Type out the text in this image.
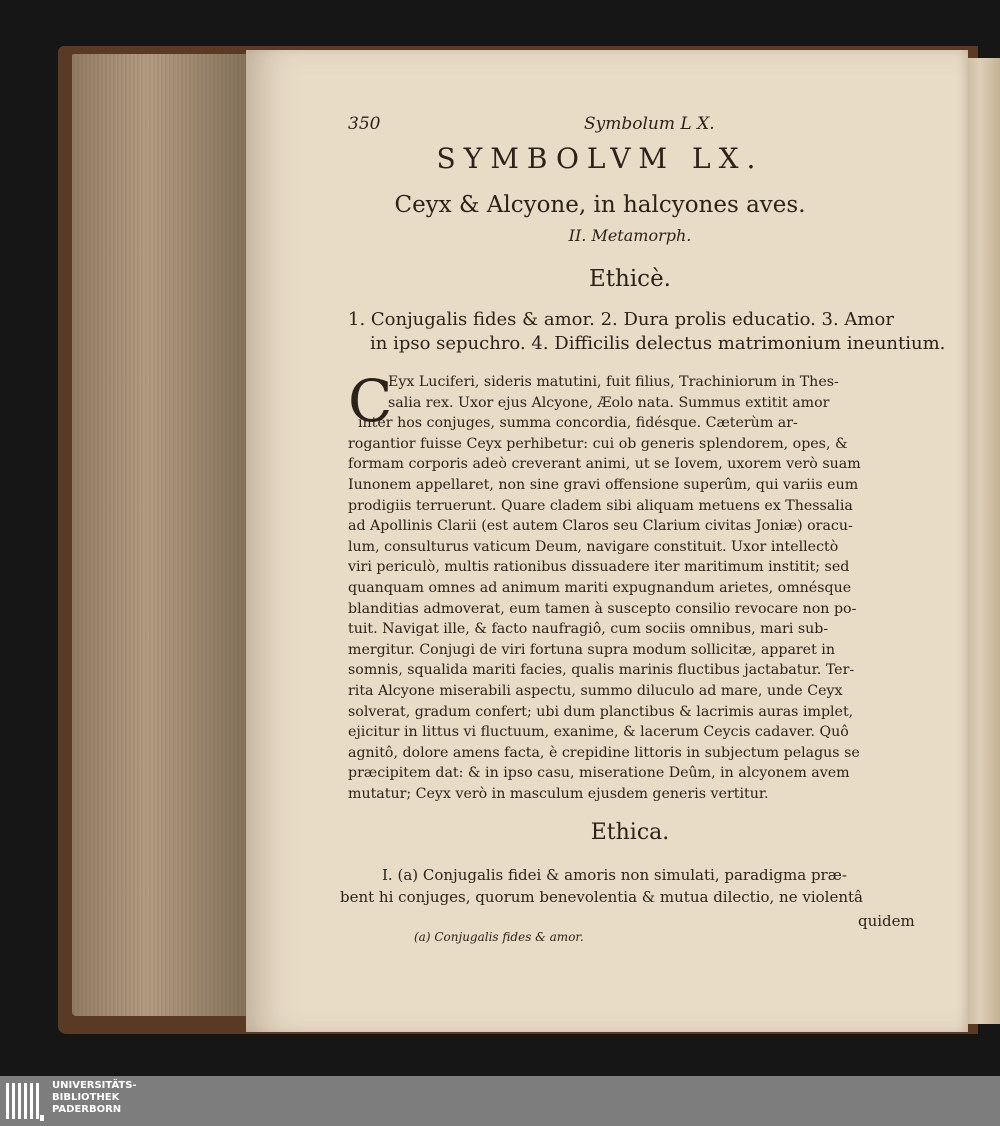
350	Symbolum L X.
SYMBOLVM LX.
Ceyx & Alcyone, in halcyones aves.
II. Metamorph.
Ethicè.
1. Conjugalis fides & amor. 2. Dura prolis educatio. 3. Amor
in ipso sepuchro. 4. Difficilis delectus matrimonium ineuntium.
C
Eyx Luciferi, sideris matutini, fuit filius, Trachiniorum in Thes-
salia rex. Uxor ejus Alcyone, Æolo nata. Summus extitit amor
inter hos conjuges, summa concordia, fidésque. Cæterùm ar-
rogantior fuisse Ceyx perhibetur: cui ob generis splendorem, opes, &
formam corporis adeò creverant animi, ut se Iovem, uxorem verò suam
Iunonem appellaret, non sine gravi offensione superûm, qui variis eum
prodigiis terruerunt. Quare cladem sibi aliquam metuens ex Thessalia
ad Apollinis Clarii (est autem Claros seu Clarium civitas Joniæ) oracu-
lum, consulturus vaticum Deum, navigare constituit. Uxor intellectò
viri periculò, multis rationibus dissuadere iter maritimum institit; sed
quanquam omnes ad animum mariti expugnandum arietes, omnésque
blanditias admoverat, eum tamen à suscepto consilio revocare non po-
tuit. Navigat ille, & facto naufragiô, cum sociis omnibus, mari sub-
mergitur. Conjugi de viri fortuna supra modum sollicitæ, apparet in
somnis, squalida mariti facies, qualis marinis fluctibus jactabatur. Ter-
rita Alcyone miserabili aspectu, summo diluculo ad mare, unde Ceyx
solverat, gradum confert; ubi dum planctibus & lacrimis auras implet,
ejicitur in littus vi fluctuum, exanime, & lacerum Ceycis cadaver. Quô
agnitô, dolore amens facta, è crepidine littoris in subjectum pelagus se
præcipitem dat: & in ipso casu, miseratione Deûm, in alcyonem avem
mutatur; Ceyx verò in masculum ejusdem generis vertitur.
Ethica.
I. (a) Conjugalis fidei & amoris non simulati, paradigma præ-
bent hi conjuges, quorum benevolentia & mutua dilectio, ne violentâ
quidem
(a) Conjugalis fides & amor.
UNIVERSITÄTS-
BIBLIOTHEK
PADERBORN
